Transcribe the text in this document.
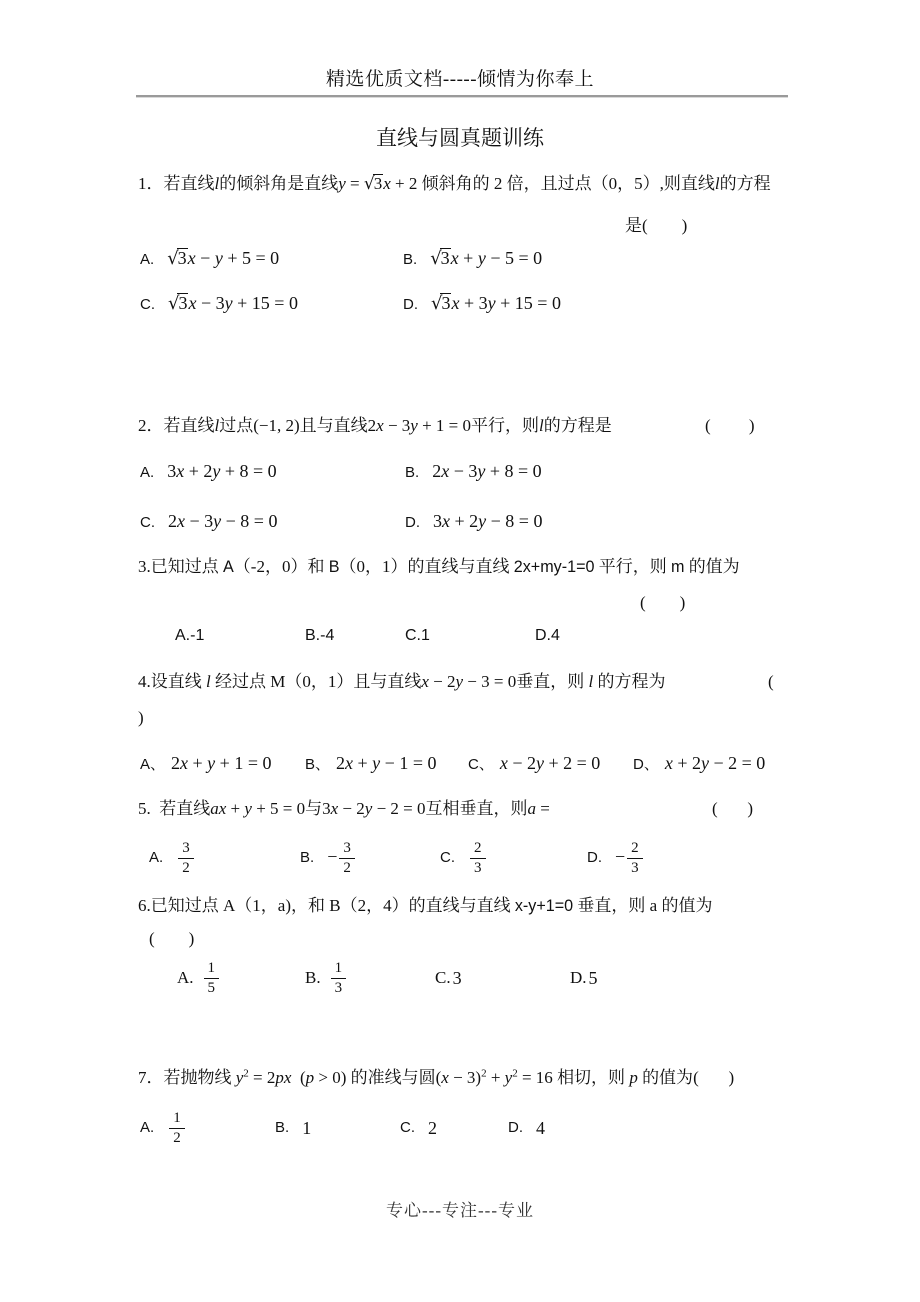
精选优质文档-----倾情为你奉上
直线与圆真题训练
1．若直线l的倾斜角是直线y = √3x + 2 倾斜角的 2 倍，且过点（0，5）,则直线l的方程
是(        )
A. √3x − y + 5 = 0	B. √3x + y − 5 = 0
C. √3x − 3y + 15 = 0	D. √3x + 3y + 15 = 0
2．若直线l过点(−1, 2)且与直线2x − 3y + 1 = 0平行，则l的方程是	(         )
A. 3x + 2y + 8 = 0	B. 2x − 3y + 8 = 0
C. 2x − 3y − 8 = 0	D. 3x + 2y − 8 = 0
3.已知过点 A（-2，0）和 B（0，1）的直线与直线 2x+my-1=0 平行，则 m 的值为
(        )
A.-1	B.-4	C.1	D.4
4.设直线 l 经过点 M（0，1）且与直线x − 2y − 3 = 0垂直，则 l 的方程为	(
)
A、 2x + y + 1 = 0 B、 2x + y − 1 = 0 C、 x − 2y + 2 = 0 D、 x + 2y − 2 = 0
5.  若直线ax + y + 5 = 0与3x − 2y − 2 = 0互相垂直，则a =	(       )
A. $\frac{3}{2}$	B. − $\frac{3}{2}$	C. $\frac{2}{3}$	D. − $\frac{2}{3}$
6.已知过点 A（1，a)，和 B（2，4）的直线与直线 x-y+1=0 垂直，则 a 的值为
(        )
A. $\frac{1}{5}$	B. $\frac{1}{3}$	C. 3	D. 5
7．若抛物线 $y^2 = 2px$  (p > 0) 的准线与圆$(x - 3)^2 + y^2 = 16$ 相切，则 p 的值为(       )
A. $\frac{1}{2}$	B. 1	C. 2	D. 4
专心---专注---专业
